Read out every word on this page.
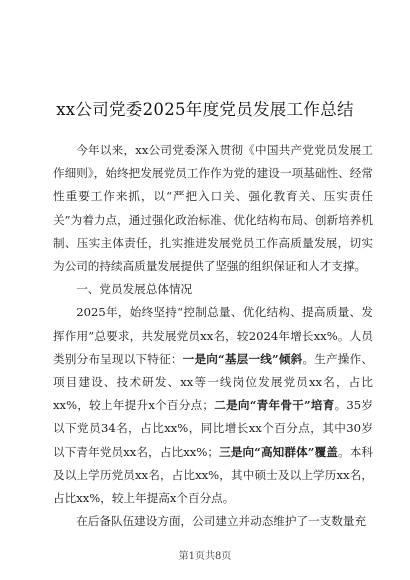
xx公司党委2025年度党员发展工作总结

今年以来，xx公司党委深入贯彻《中国共产党党员发展工作细则》，始终把发展党员工作作为党的建设一项基础性、经常性重要工作来抓，以“严把入口关、强化教育关、压实责任关”为着力点，通过强化政治标准、优化结构布局、创新培养机制、压实主体责任，扎实推进发展党员工作高质量发展，切实为公司的持续高质量发展提供了坚强的组织保证和人才支撑。

一、党员发展总体情况

2025年，始终坚持“控制总量、优化结构、提高质量、发挥作用”总要求，共发展党员xx名，较2024年增长xx%。人员类别分布呈现以下特征：一是向“基层一线”倾斜。生产操作、项目建设、技术研发、xx等一线岗位发展党员xx名，占比xx%，较上年提升x个百分点；二是向“青年骨干”培育。35岁以下党员34名，占比xx%，同比增长xx个百分点，其中30岁以下青年党员xx名，占比xx%；三是向“高知群体”覆盖。本科及以上学历党员xx名，占比xx%，其中硕士及以上学历xx名，占比xx%，较上年提高x个百分点。

在后备队伍建设方面，公司建立并动态维护了一支数量充

第1页共8页
